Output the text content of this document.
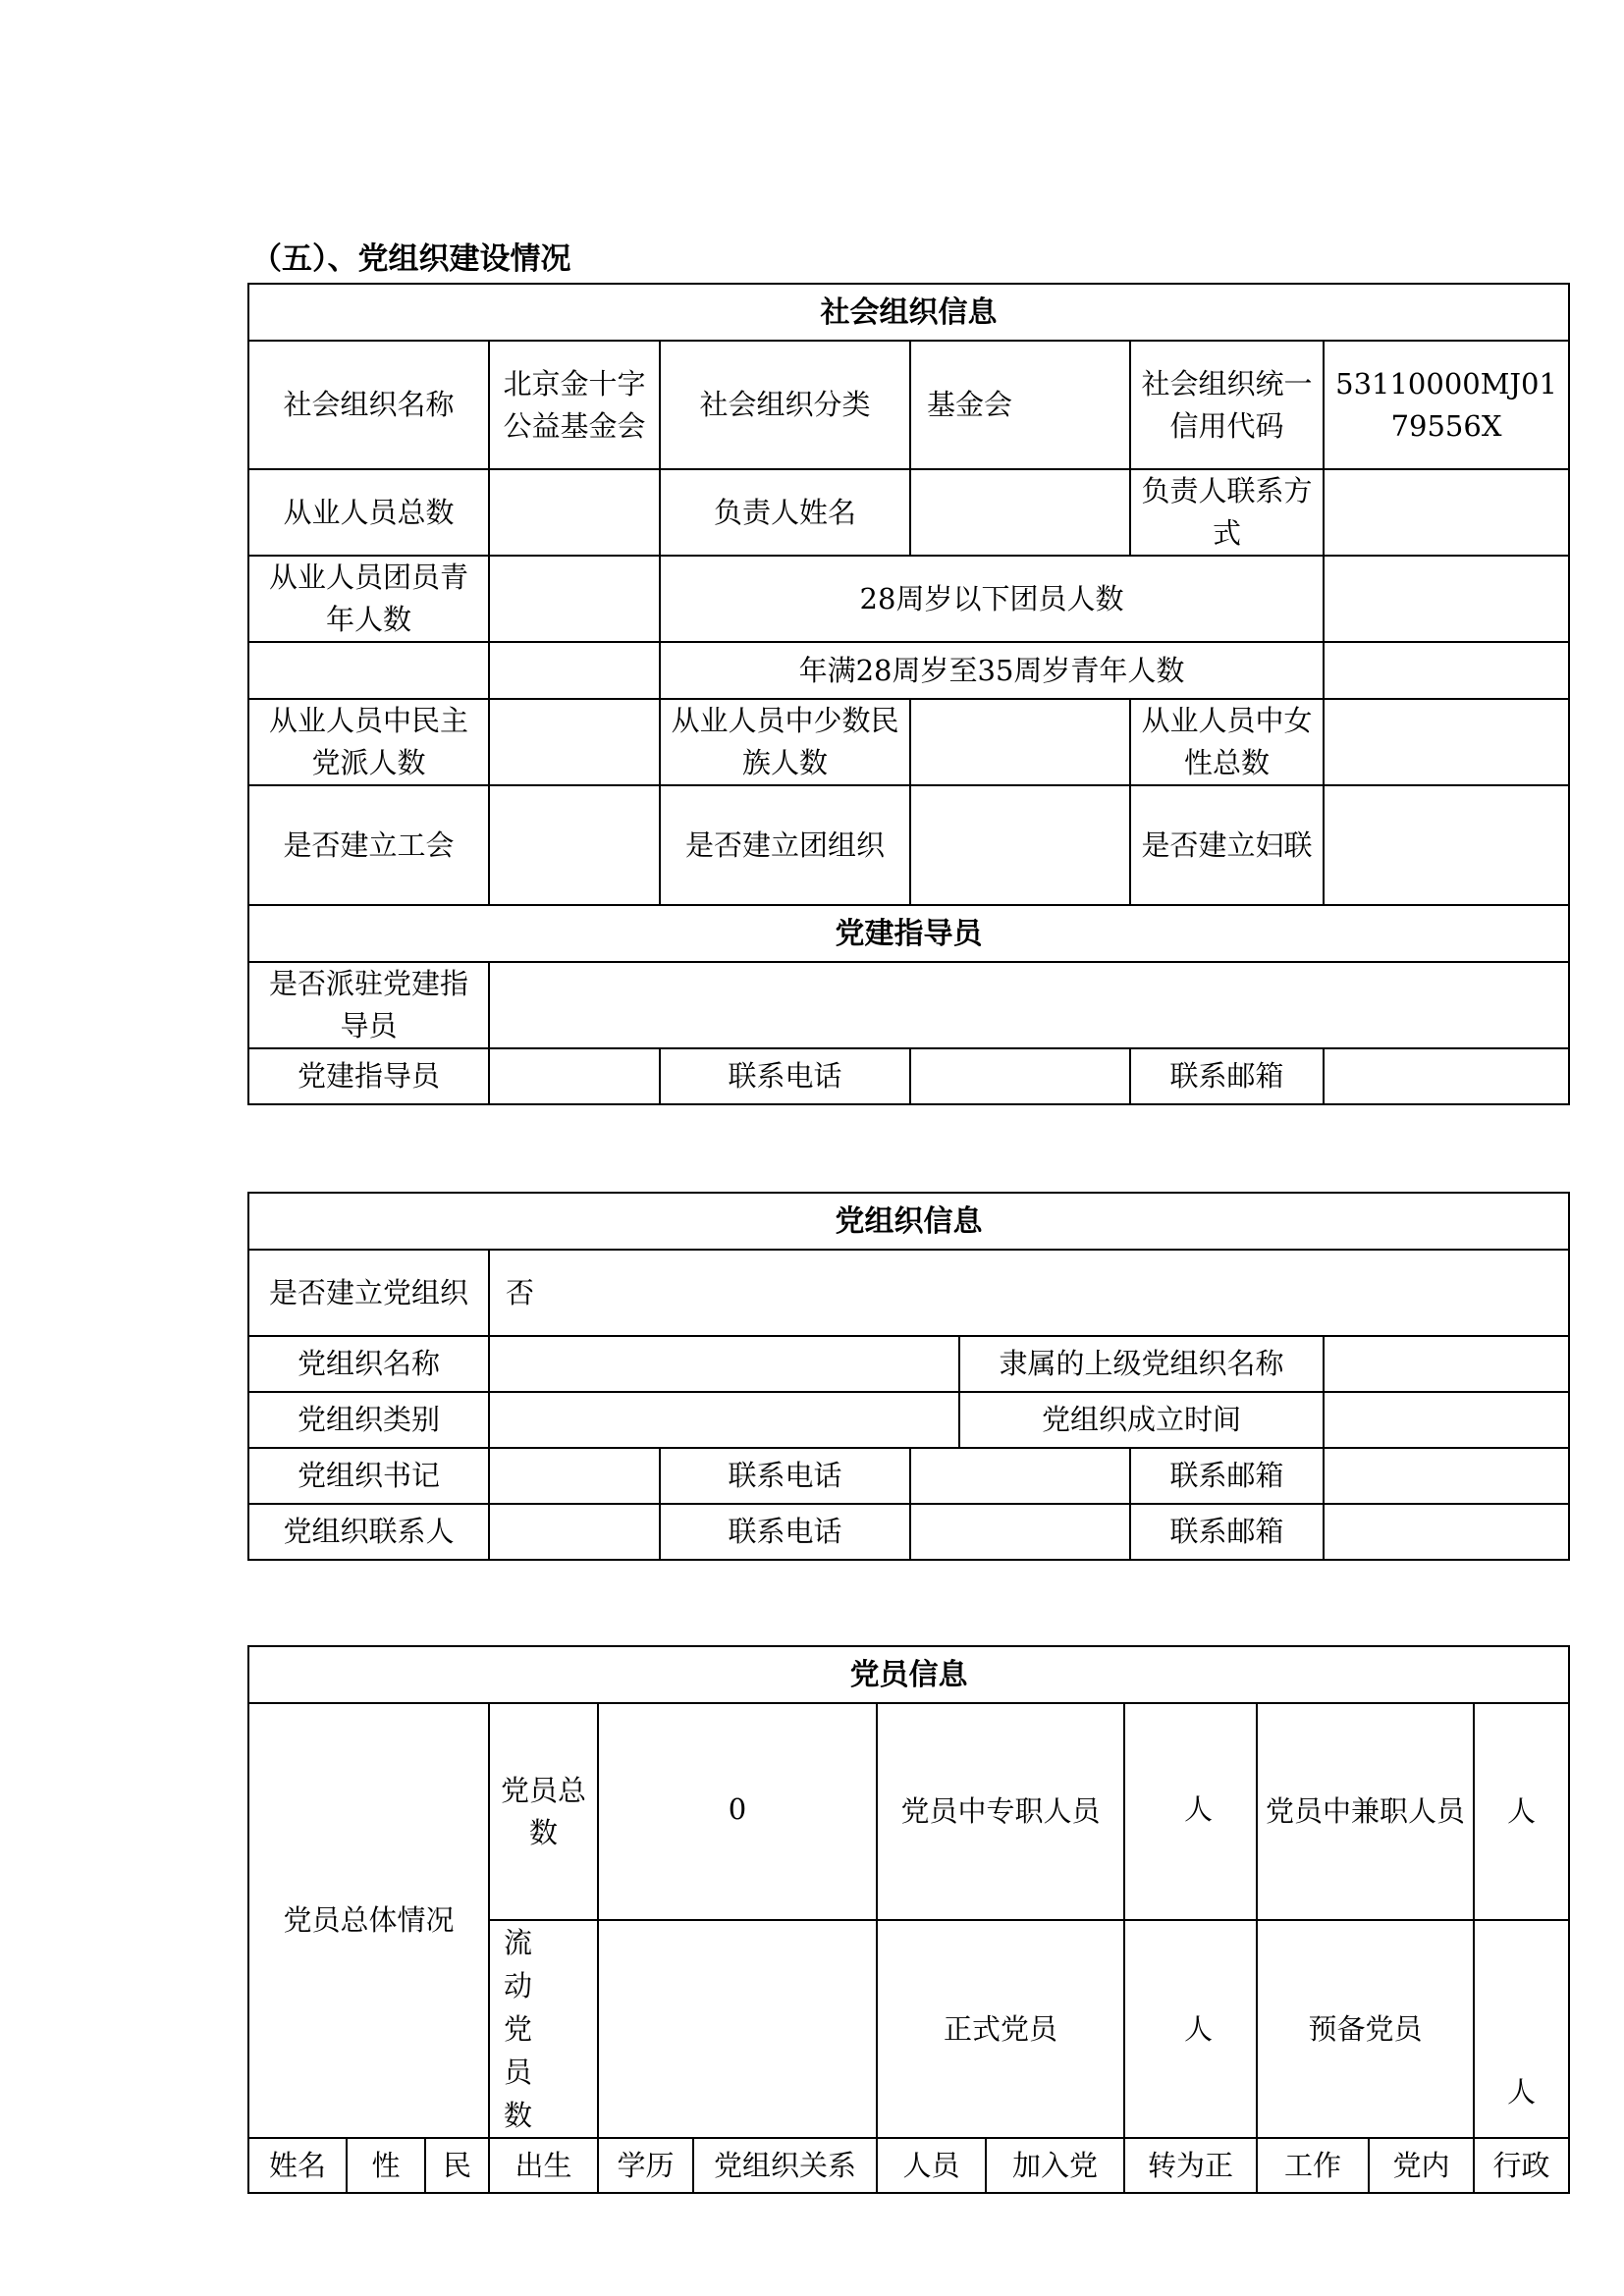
（五）、党组织建设情况
社会组织信息					
社会组织名称	北京金十字公益基金会	社会组织分类	基金会	社会组织统一信用代码	53110000MJ0179556X
从业人员总数		负责人姓名		负责人联系方式	
从业人员团员青年人数		28周岁以下团员人数			
		年满28周岁至35周岁青年人数			
从业人员中民主党派人数		从业人员中少数民族人数		从业人员中女性总数	
是否建立工会		是否建立团组织		是否建立妇联	
党建指导员					
是否派驻党建指导员					
党建指导员		联系电话		联系邮箱	
党组织信息						
是否建立党组织	否					
党组织名称				隶属的上级党组织名称		
党组织类别				党组织成立时间		
党组织书记		联系电话			联系邮箱	
党组织联系人		联系电话			联系邮箱	
党员信息											
党员总体情况			党员总数	0		党员中专职人员		人	党员中兼职人员		人
			流动党员数			正式党员		人	预备党员		人
姓名	性	民	出生	学历	党组织关系	人员	加入党	转为正	工作	党内	行政
